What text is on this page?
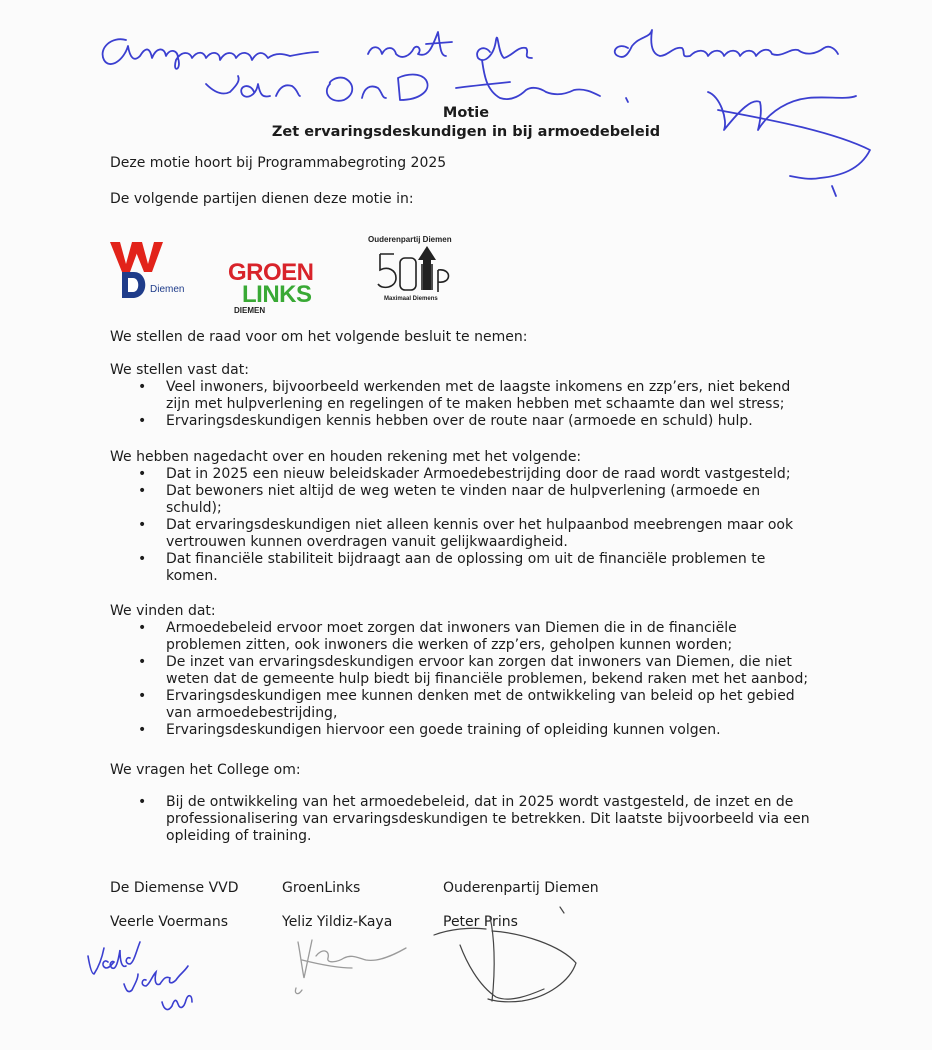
Motie
Zet ervaringsdeskundigen in bij armoedebeleid
Deze motie hoort bij Programmabegroting 2025
De volgende partijen dienen deze motie in:
Diemen
GROEN
LINKS
DIEMEN
Ouderenpartij Diemen
Maximaal Diemens
We stellen de raad voor om het volgende besluit te nemen:
We stellen vast dat:
• Veel inwoners, bijvoorbeeld werkenden met de laagste inkomens en zzp’ers, niet bekend
zijn met hulpverlening en regelingen of te maken hebben met schaamte dan wel stress;
• Ervaringsdeskundigen kennis hebben over de route naar (armoede en schuld) hulp.
We hebben nagedacht over en houden rekening met het volgende:
• Dat in 2025 een nieuw beleidskader Armoedebestrijding door de raad wordt vastgesteld;
• Dat bewoners niet altijd de weg weten te vinden naar de hulpverlening (armoede en
schuld);
• Dat ervaringsdeskundigen niet alleen kennis over het hulpaanbod meebrengen maar ook
vertrouwen kunnen overdragen vanuit gelijkwaardigheid.
• Dat financiële stabiliteit bijdraagt aan de oplossing om uit de financiële problemen te
komen.
We vinden dat:
• Armoedebeleid ervoor moet zorgen dat inwoners van Diemen die in de financiële
problemen zitten, ook inwoners die werken of zzp’ers, geholpen kunnen worden;
• De inzet van ervaringsdeskundigen ervoor kan zorgen dat inwoners van Diemen, die niet
weten dat de gemeente hulp biedt bij financiële problemen, bekend raken met het aanbod;
• Ervaringsdeskundigen mee kunnen denken met de ontwikkeling van beleid op het gebied
van armoedebestrijding,
• Ervaringsdeskundigen hiervoor een goede training of opleiding kunnen volgen.
We vragen het College om:
• Bij de ontwikkeling van het armoedebeleid, dat in 2025 wordt vastgesteld, de inzet en de
professionalisering van ervaringsdeskundigen te betrekken. Dit laatste bijvoorbeeld via een
opleiding of training.
De Diemense VVD	GroenLinks	Ouderenpartij Diemen
Veerle Voermans	Yeliz Yildiz-Kaya	Peter Prins
